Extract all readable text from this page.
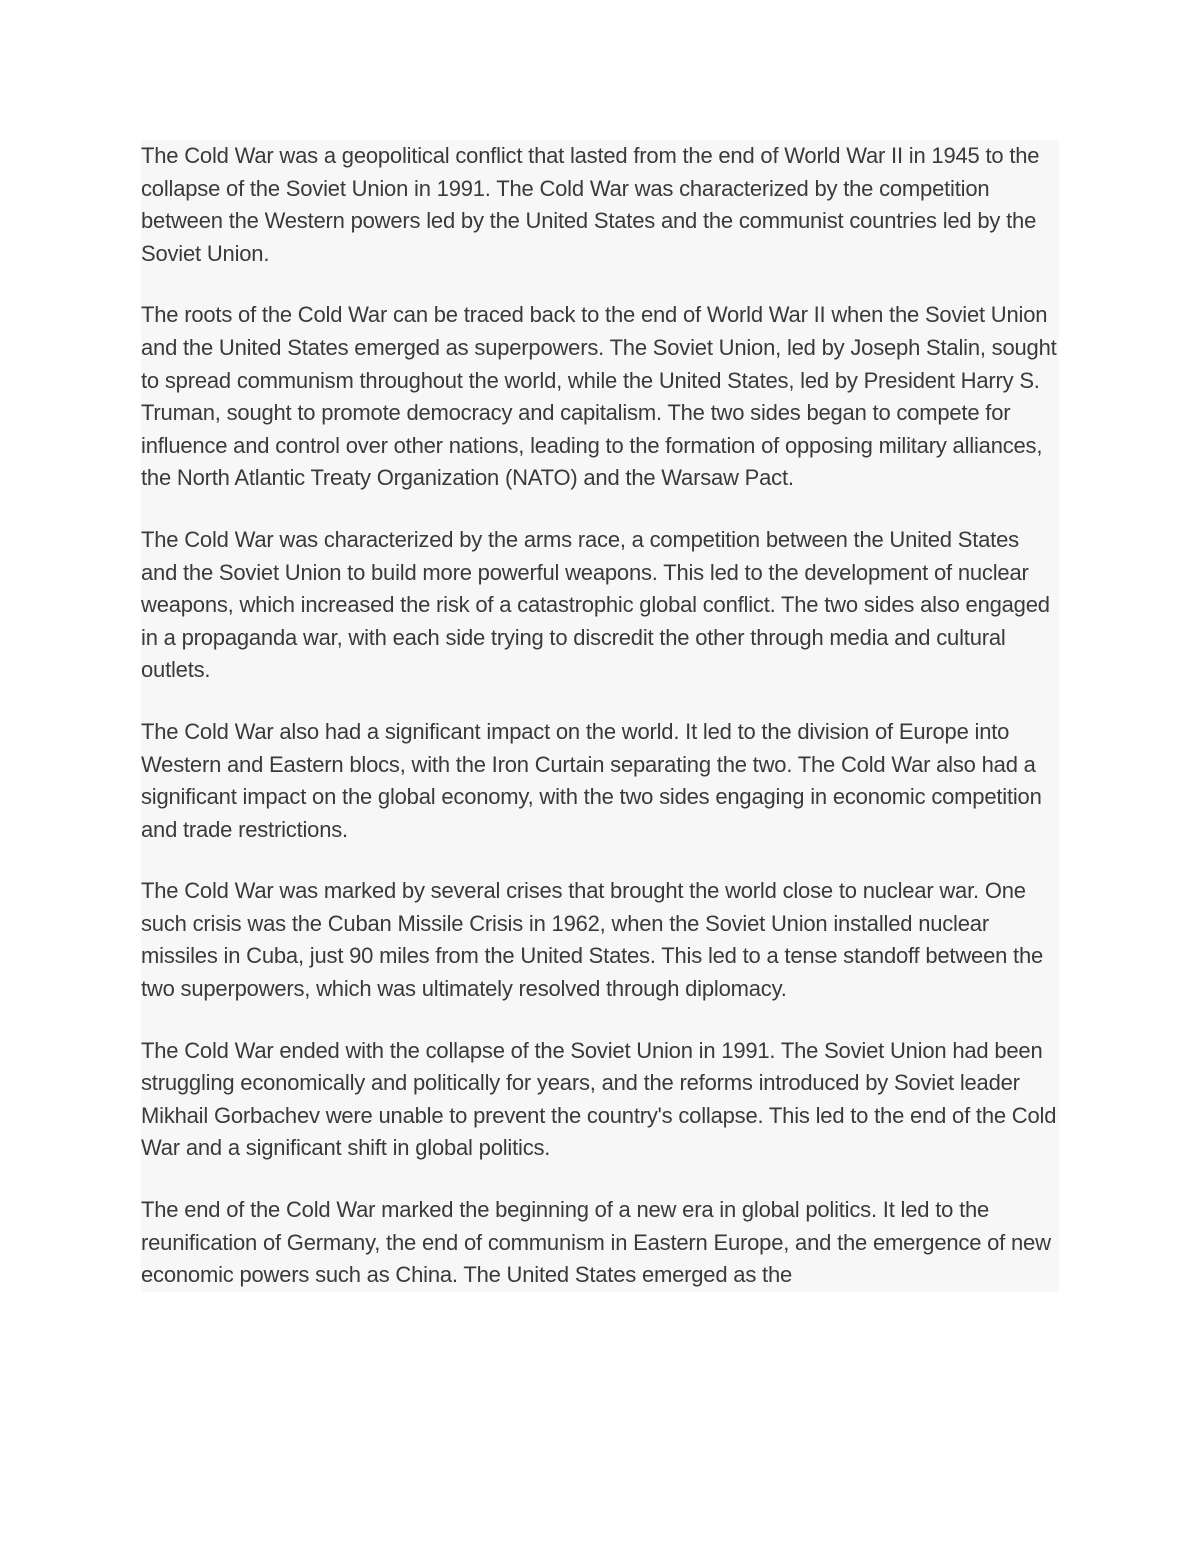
The Cold War was a geopolitical conflict that lasted from the end of World War II in 1945 to the collapse of the Soviet Union in 1991. The Cold War was characterized by the competition between the Western powers led by the United States and the communist countries led by the Soviet Union.

The roots of the Cold War can be traced back to the end of World War II when the Soviet Union and the United States emerged as superpowers. The Soviet Union, led by Joseph Stalin, sought to spread communism throughout the world, while the United States, led by President Harry S. Truman, sought to promote democracy and capitalism. The two sides began to compete for influence and control over other nations, leading to the formation of opposing military alliances, the North Atlantic Treaty Organization (NATO) and the Warsaw Pact.

The Cold War was characterized by the arms race, a competition between the United States and the Soviet Union to build more powerful weapons. This led to the development of nuclear weapons, which increased the risk of a catastrophic global conflict. The two sides also engaged in a propaganda war, with each side trying to discredit the other through media and cultural outlets.

The Cold War also had a significant impact on the world. It led to the division of Europe into Western and Eastern blocs, with the Iron Curtain separating the two. The Cold War also had a significant impact on the global economy, with the two sides engaging in economic competition and trade restrictions.

The Cold War was marked by several crises that brought the world close to nuclear war. One such crisis was the Cuban Missile Crisis in 1962, when the Soviet Union installed nuclear missiles in Cuba, just 90 miles from the United States. This led to a tense standoff between the two superpowers, which was ultimately resolved through diplomacy.

The Cold War ended with the collapse of the Soviet Union in 1991. The Soviet Union had been struggling economically and politically for years, and the reforms introduced by Soviet leader Mikhail Gorbachev were unable to prevent the country's collapse. This led to the end of the Cold War and a significant shift in global politics.

The end of the Cold War marked the beginning of a new era in global politics. It led to the reunification of Germany, the end of communism in Eastern Europe, and the emergence of new economic powers such as China. The United States emerged as the
